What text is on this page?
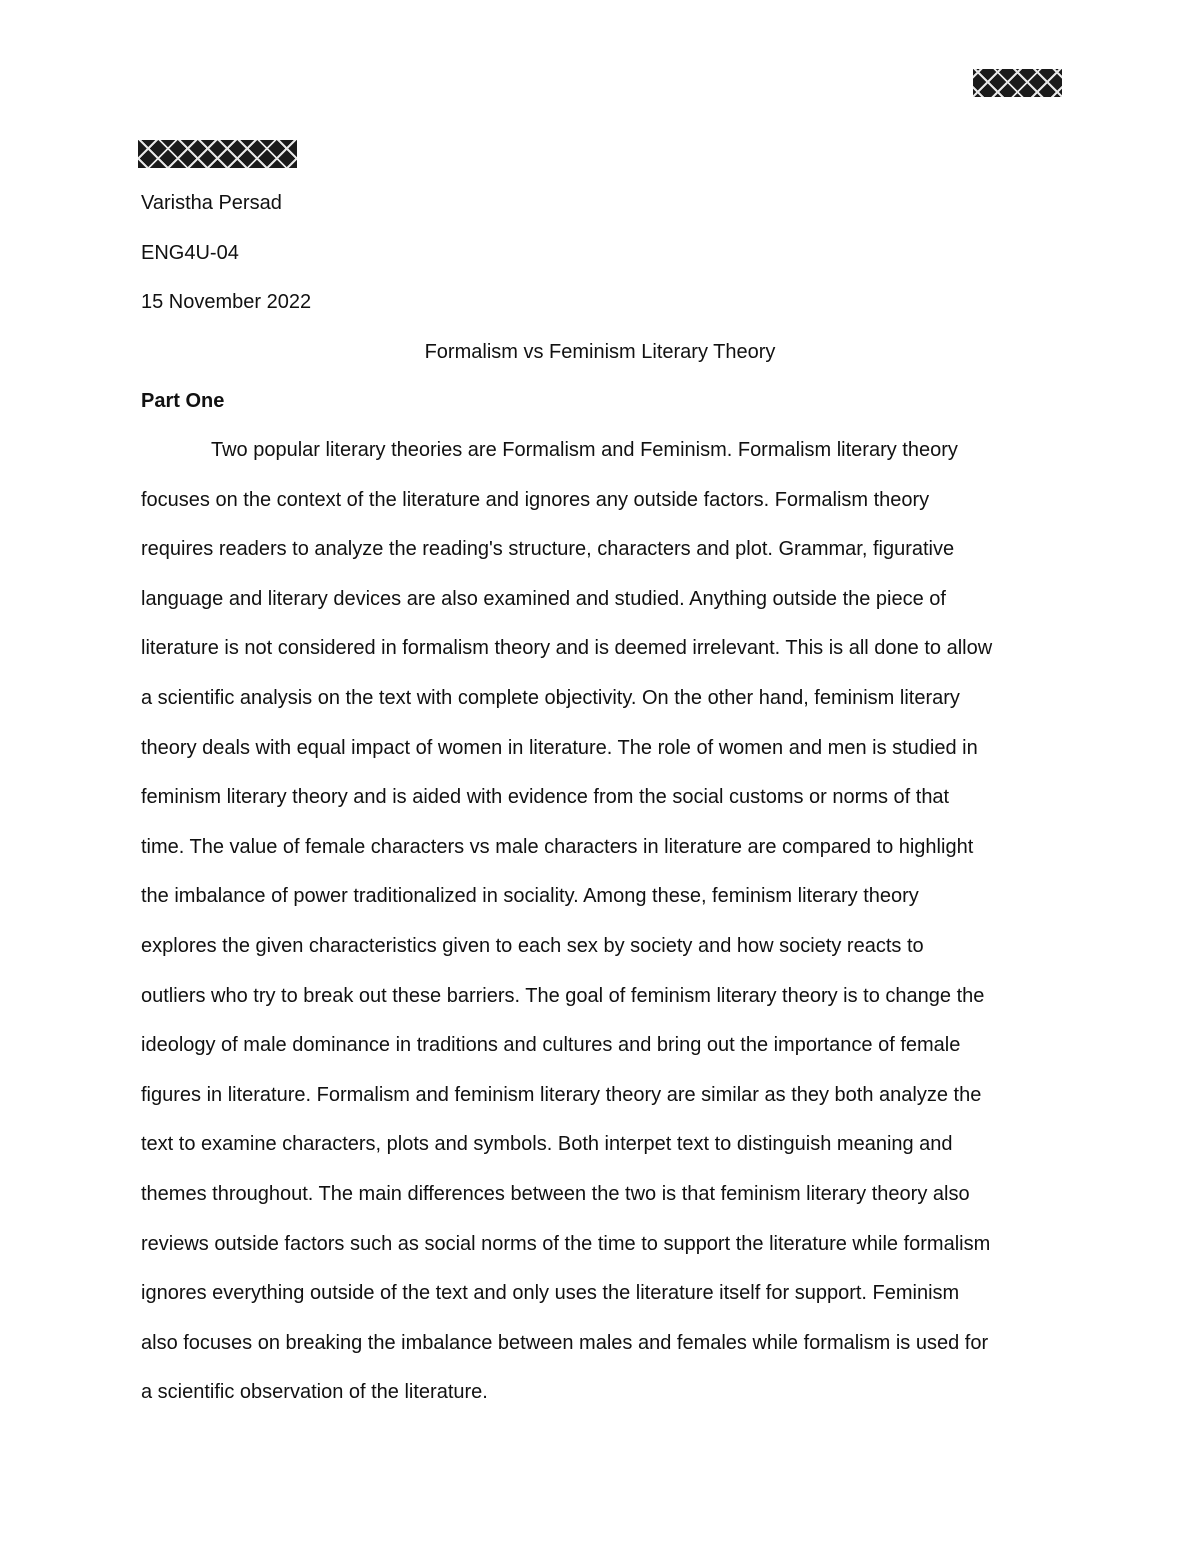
Varistha Persad
ENG4U-04
15 November 2022
Formalism vs Feminism Literary Theory
Part One
Two popular literary theories are Formalism and Feminism. Formalism literary theory
focuses on the context of the literature and ignores any outside factors. Formalism theory
requires readers to analyze the reading's structure, characters and plot. Grammar, figurative
language and literary devices are also examined and studied. Anything outside the piece of
literature is not considered in formalism theory and is deemed irrelevant. This is all done to allow
a scientific analysis on the text with complete objectivity. On the other hand, feminism literary
theory deals with equal impact of women in literature. The role of women and men is studied in
feminism literary theory and is aided with evidence from the social customs or norms of that
time. The value of female characters vs male characters in literature are compared to highlight
the imbalance of power traditionalized in sociality. Among these, feminism literary theory
explores the given characteristics given to each sex by society and how society reacts to
outliers who try to break out these barriers. The goal of feminism literary theory is to change the
ideology of male dominance in traditions and cultures and bring out the importance of female
figures in literature. Formalism and feminism literary theory are similar as they both analyze the
text to examine characters, plots and symbols. Both interpet text to distinguish meaning and
themes throughout. The main differences between the two is that feminism literary theory also
reviews outside factors such as social norms of the time to support the literature while formalism
ignores everything outside of the text and only uses the literature itself for support. Feminism
also focuses on breaking the imbalance between males and females while formalism is used for
a scientific observation of the literature.
